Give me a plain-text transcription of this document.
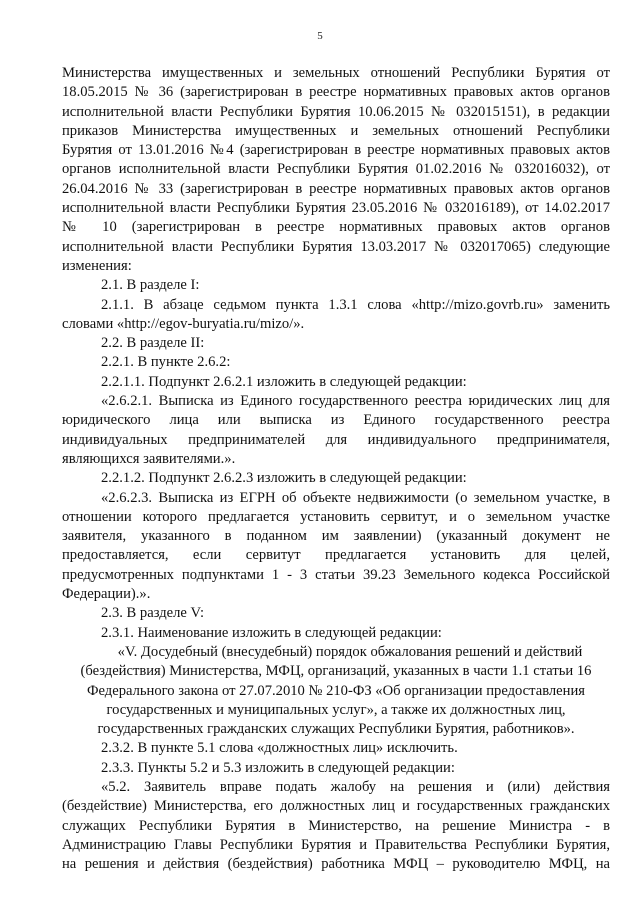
5

Министерства имущественных и земельных отношений Республики Бурятия от

18.05.2015 № 36 (зарегистрирован в реестре нормативных правовых актов органов

исполнительной власти Республики Бурятия 10.06.2015 № 032015151), в редакции

приказов Министерства имущественных и земельных отношений Республики

Бурятия от 13.01.2016 №4 (зарегистрирован в реестре нормативных правовых актов

органов исполнительной власти Республики Бурятия 01.02.2016 № 032016032), от

26.04.2016 № 33 (зарегистрирован в реестре нормативных правовых актов органов

исполнительной власти Республики Бурятия 23.05.2016 № 032016189), от 14.02.2017

№ 10 (зарегистрирован в реестре нормативных правовых актов органов

исполнительной власти Республики Бурятия 13.03.2017 № 032017065) следующие

изменения:

2.1. В разделе I:

2.1.1. В абзаце седьмом пункта 1.3.1 слова «http://mizo.govrb.ru» заменить

словами «http://egov-buryatia.ru/mizo/».

2.2. В разделе II:

2.2.1. В пункте 2.6.2:

2.2.1.1. Подпункт 2.6.2.1 изложить в следующей редакции:

«2.6.2.1. Выписка из Единого государственного реестра юридических лиц для

юридического лица или выписка из Единого государственного реестра

индивидуальных предпринимателей для индивидуального предпринимателя,

являющихся заявителями.».

2.2.1.2. Подпункт 2.6.2.3 изложить в следующей редакции:

«2.6.2.3. Выписка из ЕГРН об объекте недвижимости (о земельном участке, в

отношении которого предлагается установить сервитут, и о земельном участке

заявителя, указанного в поданном им заявлении) (указанный документ не

предоставляется, если сервитут предлагается установить для целей,

предусмотренных подпунктами 1 - 3 статьи 39.23 Земельного кодекса Российской

Федерации).».

2.3. В разделе V:

2.3.1. Наименование изложить в следующей редакции:

«V. Досудебный (внесудебный) порядок обжалования решений и действий

(бездействия) Министерства, МФЦ, организаций, указанных в части 1.1 статьи 16

Федерального закона от 27.07.2010 № 210-ФЗ «Об организации предоставления

государственных и муниципальных услуг», а также их должностных лиц,

государственных гражданских служащих Республики Бурятия, работников».

2.3.2. В пункте 5.1 слова «должностных лиц» исключить.

2.3.3. Пункты 5.2 и 5.3 изложить в следующей редакции:

«5.2. Заявитель вправе подать жалобу на решения и (или) действия

(бездействие) Министерства, его должностных лиц и государственных гражданских

служащих Республики Бурятия в Министерство, на решение Министра - в

Администрацию Главы Республики Бурятия и Правительства Республики Бурятия,

на решения и действия (бездействия) работника МФЦ – руководителю МФЦ, на
